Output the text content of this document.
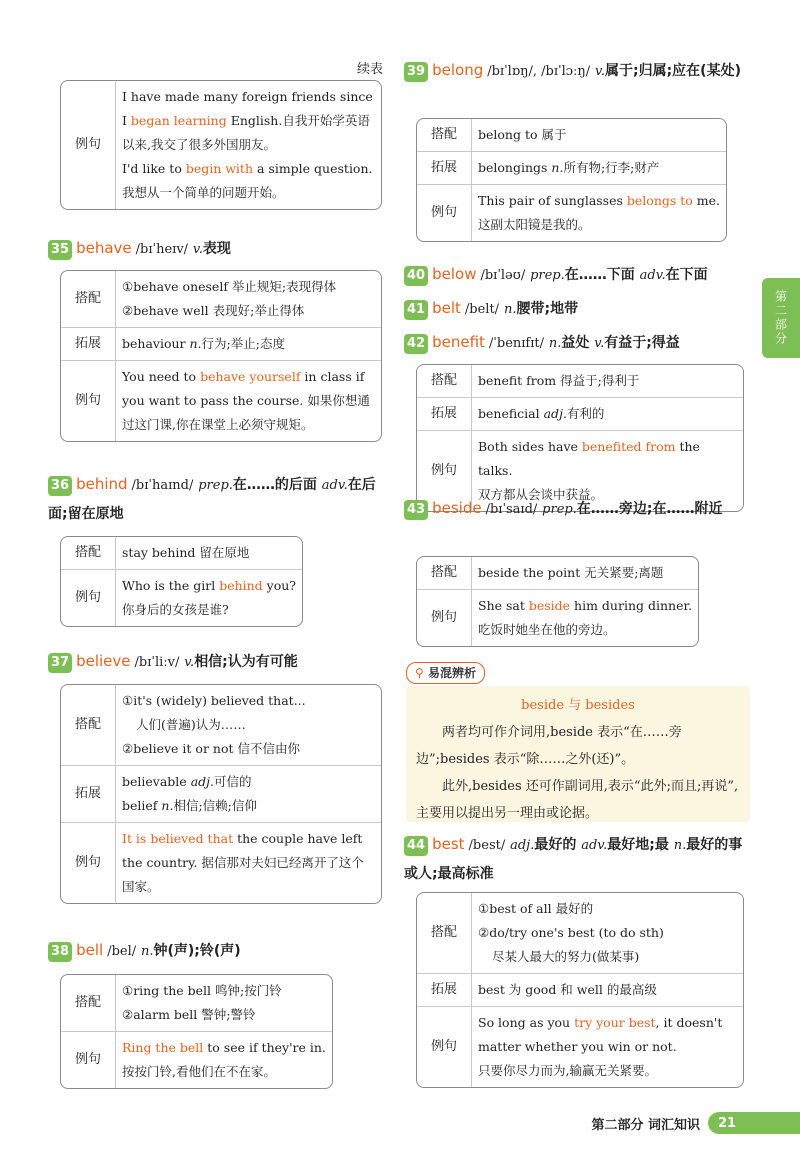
续表
例句	I have made many foreign friends since I began learning English.自我开始学英语以来,我交了很多外国朋友。
I'd like to begin with a simple question.
我想从一个简单的问题开始。
35 behave /bɪˈheɪv/ v.表现
搭配	①behave oneself 举止规矩;表现得体
②behave well 表现好;举止得体
拓展	behaviour n.行为;举止;态度
例句	You need to behave yourself in class if you want to pass the course. 如果你想通过这门课,你在课堂上必须守规矩。
36 behind /bɪˈhaɪnd/ prep.在……的后面 adv.在后面;留在原地
搭配	stay behind 留在原地
例句	Who is the girl behind you?
你身后的女孩是谁?
37 believe /bɪˈliːv/ v.相信;认为有可能
搭配	①it's (widely) believed that...
人们(普遍)认为……
②believe it or not 信不信由你
拓展	believable adj.可信的
belief n.相信;信赖;信仰
例句	It is believed that the couple have left the country. 据信那对夫妇已经离开了这个国家。
38 bell /bel/ n.钟(声);铃(声)
搭配	①ring the bell 鸣钟;按门铃
②alarm bell 警钟;警铃
例句	Ring the bell to see if they're in.
按按门铃,看他们在不在家。
39 belong /bɪˈlɒŋ/, /bɪˈlɔːŋ/ v.属于;归属;应在(某处)
搭配	belong to 属于
拓展	belongings n.所有物;行李;财产
例句	This pair of sunglasses belongs to me.
这副太阳镜是我的。
40 below /bɪˈləʊ/ prep.在……下面 adv.在下面
41 belt /belt/ n.腰带;地带
42 benefit /ˈbenɪfɪt/ n.益处 v.有益于;得益
搭配	benefit from 得益于;得利于
拓展	beneficial adj.有利的
例句	Both sides have benefited from the talks.
双方都从会谈中获益。
43 beside /bɪˈsaɪd/ prep.在……旁边;在……附近
搭配	beside the point 无关紧要;离题
例句	She sat beside him during dinner.
吃饭时她坐在他的旁边。
⚲ 易混辨析
beside 与 besides
两者均可作介词用,beside 表示“在……旁边”;besides 表示“除……之外(还)”。
此外,besides 还可作副词用,表示“此外;而且;再说”,主要用以提出另一理由或论据。
44 best /best/ adj.最好的 adv.最好地;最 n.最好的事或人;最高标准
搭配	①best of all 最好的
②do/try one's best (to do sth)
尽某人最大的努力(做某事)
拓展	best 为 good 和 well 的最高级
例句	So long as you try your best, it doesn't matter whether you win or not.
只要你尽力而为,输赢无关紧要。
第二部分
第二部分 词汇知识	21
